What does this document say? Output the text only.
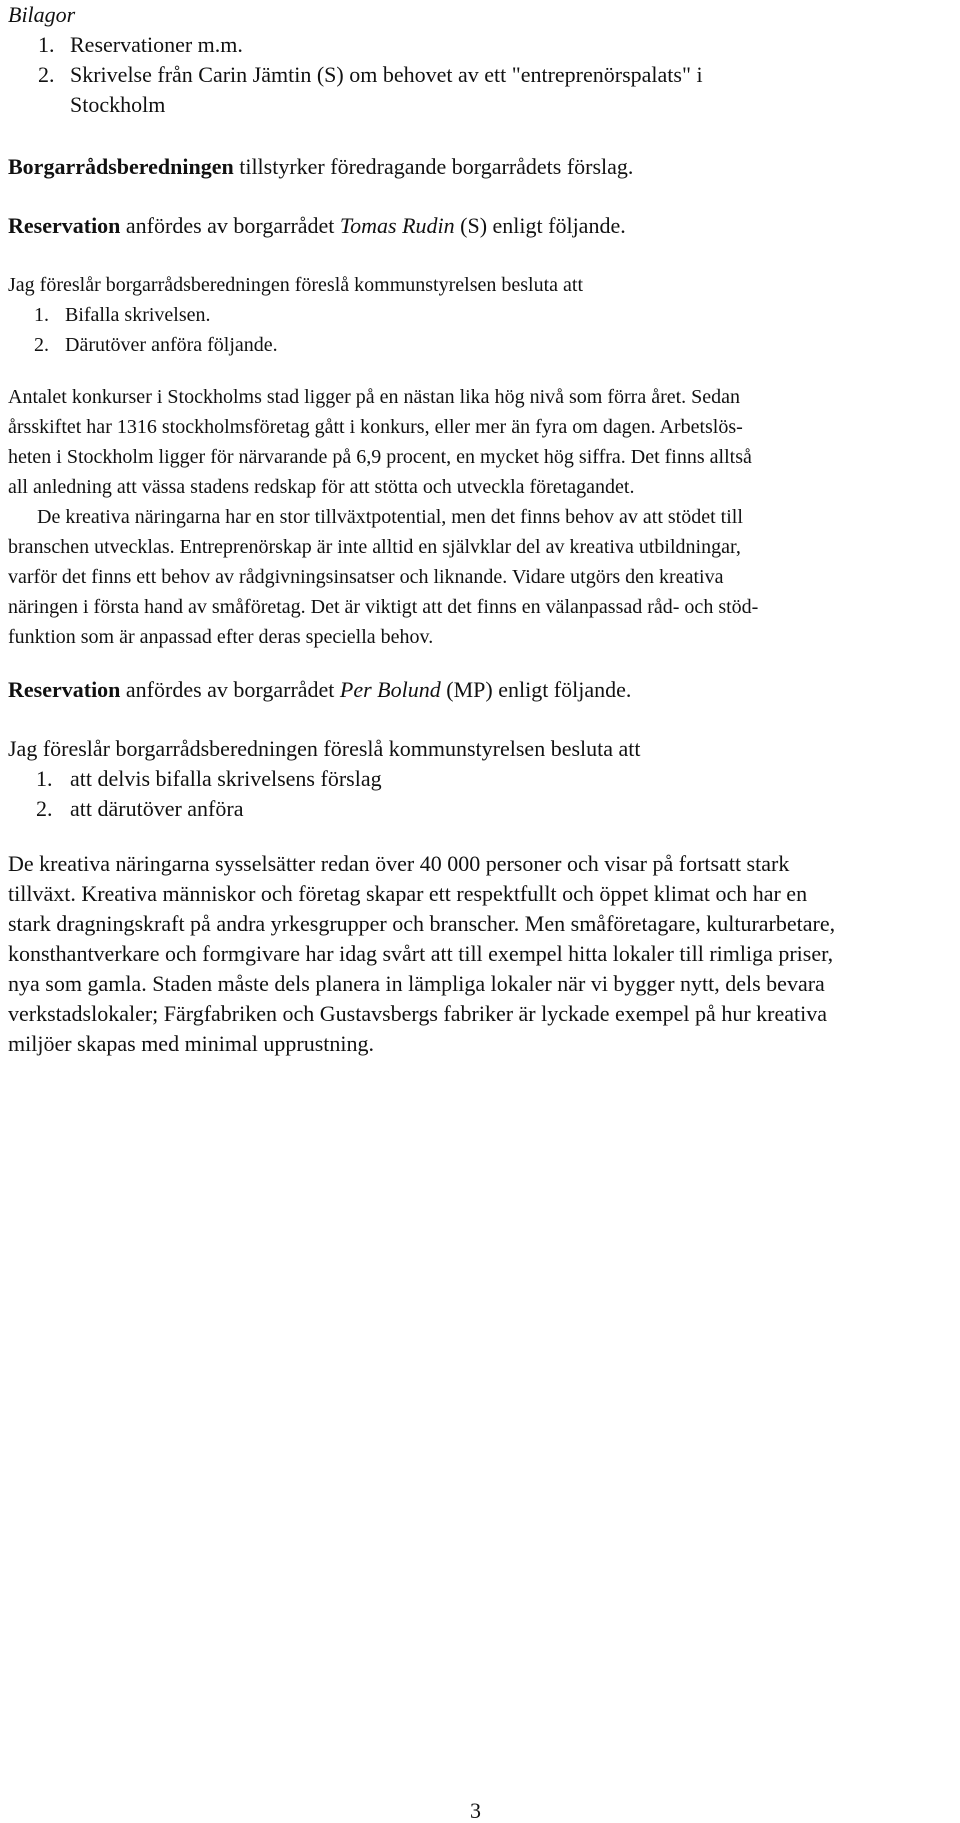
Bilagor
1. Reservationer m.m.
2. Skrivelse från Carin Jämtin (S) om behovet av ett "entreprenörspalats" i
Stockholm
Borgarrådsberedningen tillstyrker föredragande borgarrådets förslag.
Reservation anfördes av borgarrådet Tomas Rudin (S) enligt följande.
Jag föreslår borgarrådsberedningen föreslå kommunstyrelsen besluta att
1. Bifalla skrivelsen.
2. Därutöver anföra följande.
Antalet konkurser i Stockholms stad ligger på en nästan lika hög nivå som förra året. Sedan
årsskiftet har 1316 stockholmsföretag gått i konkurs, eller mer än fyra om dagen. Arbetslös-
heten i Stockholm ligger för närvarande på 6,9 procent, en mycket hög siffra. Det finns alltså
all anledning att vässa stadens redskap för att stötta och utveckla företagandet.
De kreativa näringarna har en stor tillväxtpotential, men det finns behov av att stödet till
branschen utvecklas. Entreprenörskap är inte alltid en självklar del av kreativa utbildningar,
varför det finns ett behov av rådgivningsinsatser och liknande. Vidare utgörs den kreativa
näringen i första hand av småföretag. Det är viktigt att det finns en välanpassad råd- och stöd-
funktion som är anpassad efter deras speciella behov.
Reservation anfördes av borgarrådet Per Bolund (MP) enligt följande.
Jag föreslår borgarrådsberedningen föreslå kommunstyrelsen besluta att
1. att delvis bifalla skrivelsens förslag
2. att därutöver anföra
De kreativa näringarna sysselsätter redan över 40 000 personer och visar på fortsatt stark
tillväxt. Kreativa människor och företag skapar ett respektfullt och öppet klimat och har en
stark dragningskraft på andra yrkesgrupper och branscher. Men småföretagare, kulturarbetare,
konsthantverkare och formgivare har idag svårt att till exempel hitta lokaler till rimliga priser,
nya som gamla. Staden måste dels planera in lämpliga lokaler när vi bygger nytt, dels bevara
verkstadslokaler; Färgfabriken och Gustavsbergs fabriker är lyckade exempel på hur kreativa
miljöer skapas med minimal upprustning.
3
